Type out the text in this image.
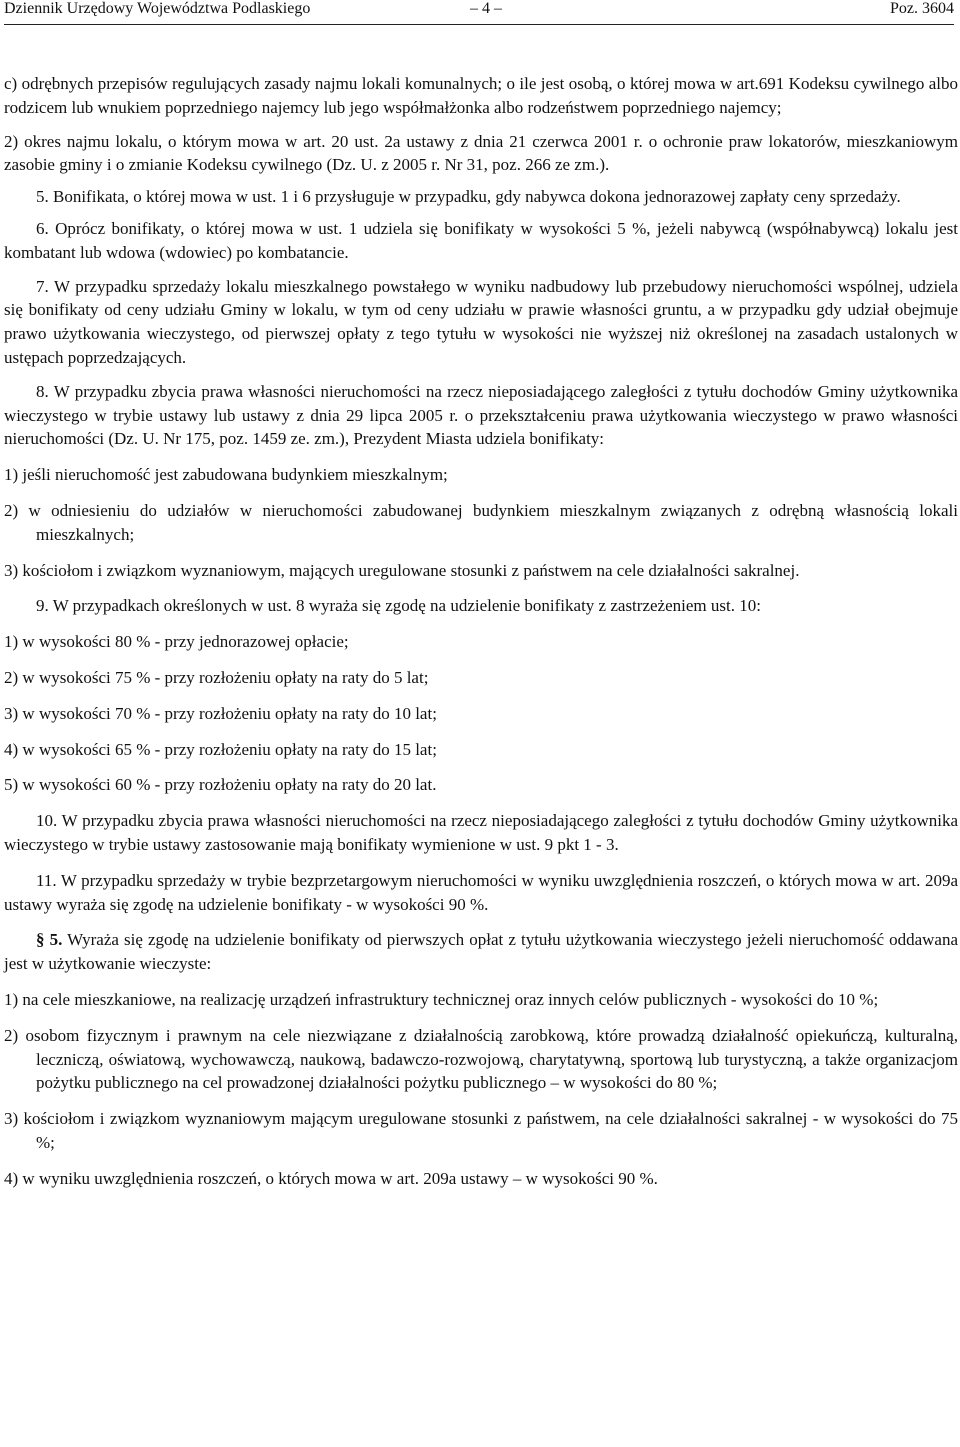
Dziennik Urzędowy Województwa Podlaskiego	– 4 –	Poz. 3604

c) odrębnych przepisów regulujących zasady najmu lokali komunalnych; o ile jest osobą, o której mowa w art.691 Kodeksu cywilnego albo rodzicem lub wnukiem poprzedniego najemcy lub jego współmałżonka albo rodzeństwem poprzedniego najemcy;

2) okres najmu lokalu, o którym mowa w art. 20 ust. 2a ustawy z dnia 21 czerwca 2001 r. o ochronie praw lokatorów, mieszkaniowym zasobie gminy i o zmianie Kodeksu cywilnego (Dz. U. z 2005 r. Nr 31, poz. 266 ze zm.).

5. Bonifikata, o której mowa w ust. 1 i 6 przysługuje w przypadku, gdy nabywca dokona jednorazowej zapłaty ceny sprzedaży.

6. Oprócz bonifikaty, o której mowa w ust. 1 udziela się bonifikaty w wysokości 5 %, jeżeli nabywcą (współnabywcą) lokalu jest kombatant lub wdowa (wdowiec) po kombatancie.

7. W przypadku sprzedaży lokalu mieszkalnego powstałego w wyniku nadbudowy lub przebudowy nieruchomości wspólnej, udziela się bonifikaty od ceny udziału Gminy w lokalu, w tym od ceny udziału w prawie własności gruntu, a w przypadku gdy udział obejmuje prawo użytkowania wieczystego, od pierwszej opłaty z tego tytułu w wysokości nie wyższej niż określonej na zasadach ustalonych w ustępach poprzedzających.

8. W przypadku zbycia prawa własności nieruchomości na rzecz nieposiadającego zaległości z tytułu dochodów Gminy użytkownika wieczystego w trybie ustawy lub ustawy z dnia 29 lipca 2005 r. o przekształceniu prawa użytkowania wieczystego w prawo własności nieruchomości (Dz. U. Nr 175, poz. 1459 ze. zm.), Prezydent Miasta udziela bonifikaty:

1) jeśli nieruchomość jest zabudowana budynkiem mieszkalnym;

2) w odniesieniu do udziałów w nieruchomości zabudowanej budynkiem mieszkalnym związanych z odrębną własnością lokali mieszkalnych;

3) kościołom i związkom wyznaniowym, mających uregulowane stosunki z państwem na cele działalności sakralnej.

9. W przypadkach określonych w ust. 8 wyraża się zgodę na udzielenie bonifikaty z zastrzeżeniem ust. 10:

1) w wysokości 80 % - przy jednorazowej opłacie;

2) w wysokości 75 % - przy rozłożeniu opłaty na raty do 5 lat;

3) w wysokości 70 % - przy rozłożeniu opłaty na raty do 10 lat;

4) w wysokości 65 % - przy rozłożeniu opłaty na raty do 15 lat;

5) w wysokości 60 % - przy rozłożeniu opłaty na raty do 20 lat.

10. W przypadku zbycia prawa własności nieruchomości na rzecz nieposiadającego zaległości z tytułu dochodów Gminy użytkownika wieczystego w trybie ustawy zastosowanie mają bonifikaty wymienione w ust. 9 pkt 1 - 3.

11. W przypadku sprzedaży w trybie bezprzetargowym nieruchomości w wyniku uwzględnienia roszczeń, o których mowa w art. 209a ustawy wyraża się zgodę na udzielenie bonifikaty - w wysokości 90 %.

§ 5. Wyraża się zgodę na udzielenie bonifikaty od pierwszych opłat z tytułu użytkowania wieczystego jeżeli nieruchomość oddawana jest w użytkowanie wieczyste:

1) na cele mieszkaniowe, na realizację urządzeń infrastruktury technicznej oraz innych celów publicznych - wysokości do 10 %;

2) osobom fizycznym i prawnym na cele niezwiązane z działalnością zarobkową, które prowadzą działalność opiekuńczą, kulturalną, leczniczą, oświatową, wychowawczą, naukową, badawczo-rozwojową, charytatywną, sportową lub turystyczną, a także organizacjom pożytku publicznego na cel prowadzonej działalności pożytku publicznego – w wysokości do 80 %;

3) kościołom i związkom wyznaniowym mającym uregulowane stosunki z państwem, na cele działalności sakralnej - w wysokości do 75 %;

4) w wyniku uwzględnienia roszczeń, o których mowa w art. 209a ustawy – w wysokości 90 %.
